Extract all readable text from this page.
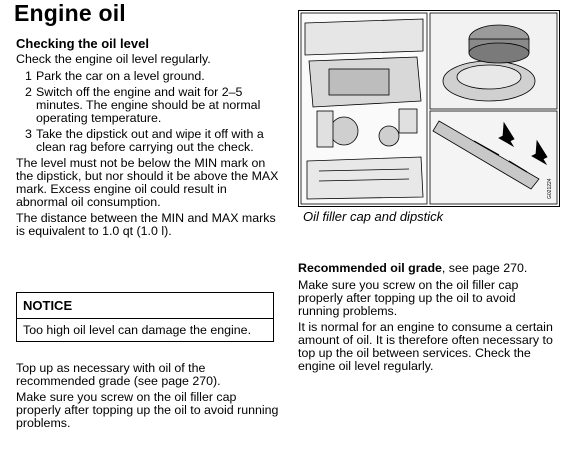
Engine oil
Checking the oil level
Check the engine oil level regularly.
1 Park the car on a level ground.
2 Switch off the engine and wait for 2–5 minutes. The engine should be at normal operating temperature.
3 Take the dipstick out and wipe it off with a clean rag before carrying out the check.
The level must not be below the MIN mark on the dipstick, but nor should it be above the MAX mark. Excess engine oil could result in abnormal oil consumption.
The distance between the MIN and MAX marks is equivalent to 1.0 qt (1.0 l).
NOTICE
Too high oil level can damage the engine.
Top up as necessary with oil of the recommended grade (see page 270).
Make sure you screw on the oil filler cap properly after topping up the oil to avoid running problems.
G021224
Oil filler cap and dipstick
Recommended oil grade, see page 270.
Make sure you screw on the oil filler cap properly after topping up the oil to avoid running problems.
It is normal for an engine to consume a certain amount of oil. It is therefore often necessary to top up the oil between services. Check the engine oil level regularly.
